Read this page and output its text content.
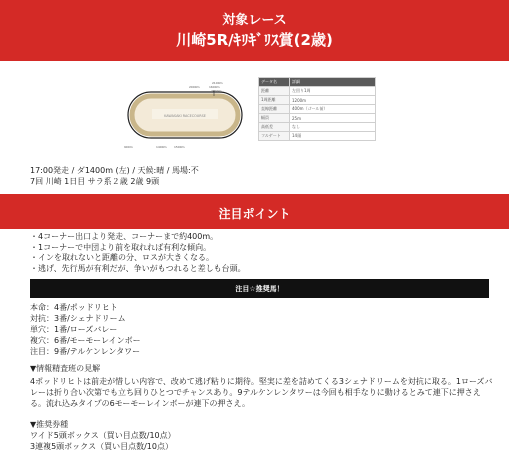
対象レース
川崎5R/ｷﾘｷﾞﾘｽ賞(2歳)
KAWASAKI RACECOURSE
2000m	1600m
2100m
2400m
900m	1400m 1500m
データ名	詳細
距離	左回り1周
1周距離	1200m
直線距離	400m（ゴール前）
幅員	25m
高低差	なし
フルゲート	14頭
17:00発走 / ダ1400m (左) / 天候:晴 / 馬場:不
7回 川崎 1日目 サラ系２歳 2歳 9頭
注目ポイント
・4コーナー出口より発走、コーナーまで約400m。
・1コーナーで中団より前を取れれば有利な傾向。
・インを取れないと距離の分、ロスが大きくなる。
・逃げ、先行馬が有利だが、争いがもつれると差しも台頭。
注目☆推奨馬！
本命：4番/ポッドリヒト
対抗：3番/シェナドリーム
単穴：1番/ローズバレー
複穴：6番/モーモーレインボー
注目：9番/テルケンレンタワー
▼情報精査班の見解
4ポッドリヒトは前走が惜しい内容で、改めて逃げ粘りに期待。堅実に差を詰めてくる3シェナドリームを対抗に取る。1ローズバレーは折り合い次第でも立ち回りひとつでチャンスあり。9テルケンレンタワーは今回も相手なりに動けるとみて連下に押さえる。流れ込みタイプの6モーモーレインボーが連下の押さえ。
▼推奨券種
ワイド5頭ボックス（買い目点数/10点）
3連複5頭ボックス（買い目点数/10点）
